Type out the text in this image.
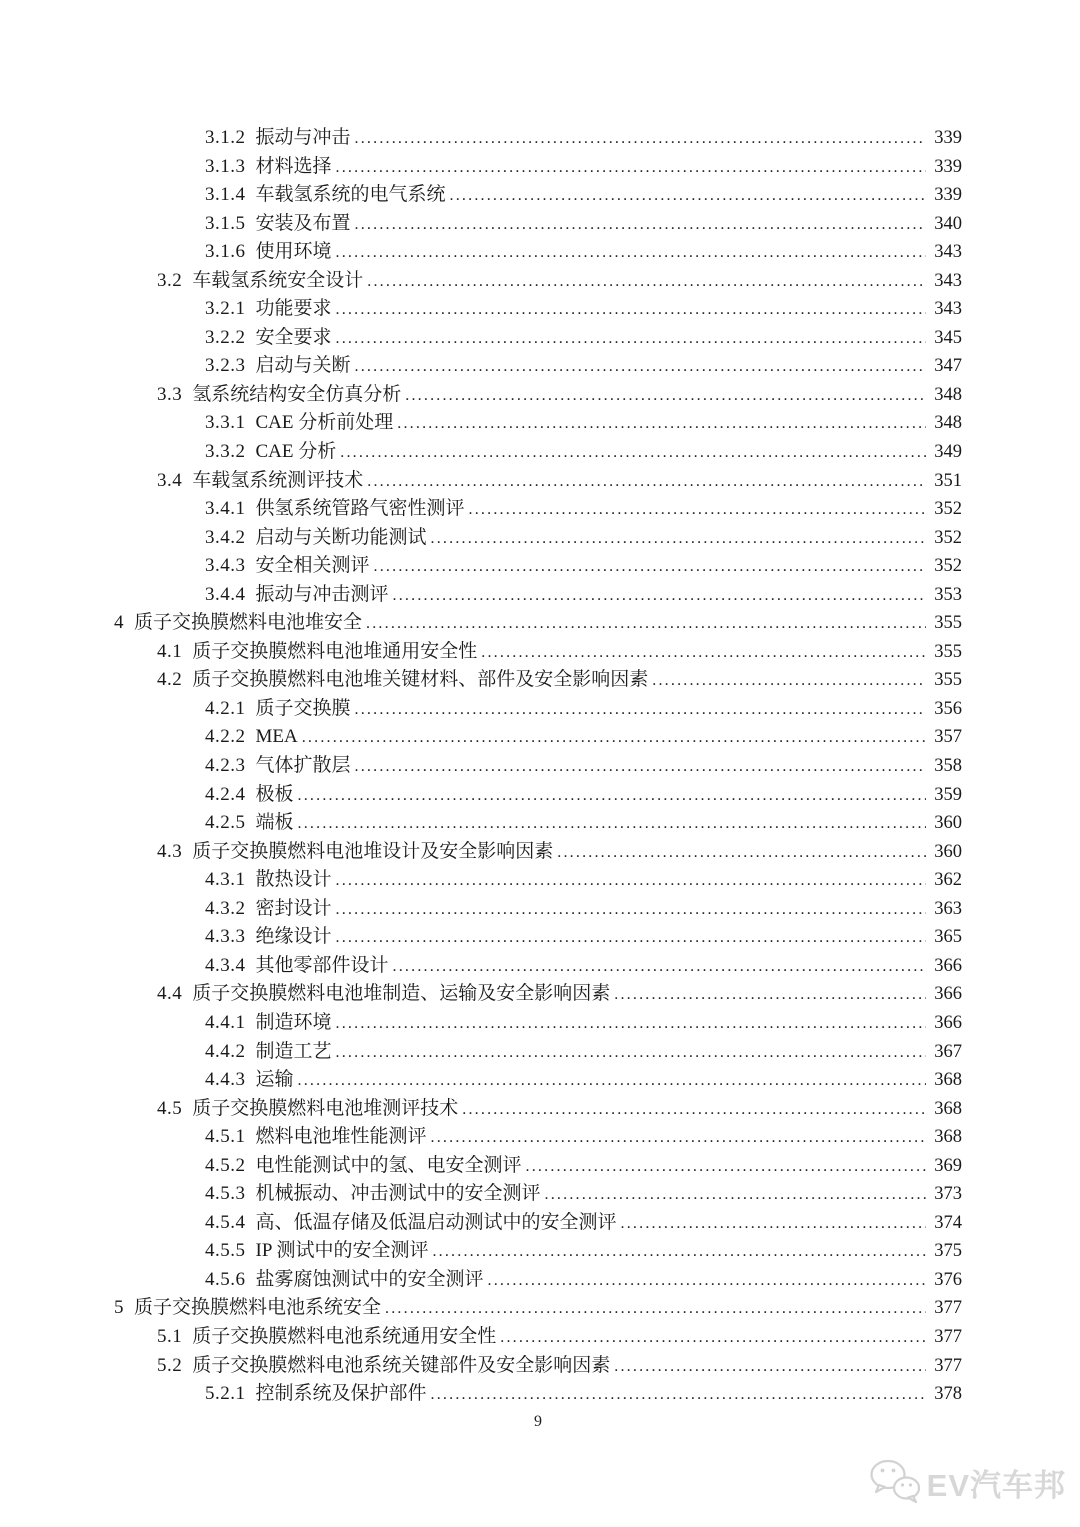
3.1.2 振动与冲击 .....	339
3.1.3 材料选择 .....	339
3.1.4 车载氢系统的电气系统 .....	339
3.1.5 安装及布置 .....	340
3.1.6 使用环境 .....	343
3.2 车载氢系统安全设计 .....	343
3.2.1 功能要求 .....	343
3.2.2 安全要求 .....	345
3.2.3 启动与关断 .....	347
3.3 氢系统结构安全仿真分析 .....	348
3.3.1 CAE 分析前处理 .....	348
3.3.2 CAE 分析 .....	349
3.4 车载氢系统测评技术 .....	351
3.4.1 供氢系统管路气密性测评 .....	352
3.4.2 启动与关断功能测试 .....	352
3.4.3 安全相关测评 .....	352
3.4.4 振动与冲击测评 .....	353
4 质子交换膜燃料电池堆安全 .....	355
4.1 质子交换膜燃料电池堆通用安全性 .....	355
4.2 质子交换膜燃料电池堆关键材料、部件及安全影响因素 .....	355
4.2.1 质子交换膜 .....	356
4.2.2 MEA .....	357
4.2.3 气体扩散层 .....	358
4.2.4 极板 .....	359
4.2.5 端板 .....	360
4.3 质子交换膜燃料电池堆设计及安全影响因素 .....	360
4.3.1 散热设计 .....	362
4.3.2 密封设计 .....	363
4.3.3 绝缘设计 .....	365
4.3.4 其他零部件设计 .....	366
4.4 质子交换膜燃料电池堆制造、运输及安全影响因素 .....	366
4.4.1 制造环境 .....	366
4.4.2 制造工艺 .....	367
4.4.3 运输 .....	368
4.5 质子交换膜燃料电池堆测评技术 .....	368
4.5.1 燃料电池堆性能测评 .....	368
4.5.2 电性能测试中的氢、电安全测评 .....	369
4.5.3 机械振动、冲击测试中的安全测评 .....	373
4.5.4 高、低温存储及低温启动测试中的安全测评 .....	374
4.5.5 IP 测试中的安全测评 .....	375
4.5.6 盐雾腐蚀测试中的安全测评 .....	376
5 质子交换膜燃料电池系统安全 .....	377
5.1 质子交换膜燃料电池系统通用安全性 .....	377
5.2 质子交换膜燃料电池系统关键部件及安全影响因素 .....	377
5.2.1 控制系统及保护部件 .....	378
9
EV汽车邦
